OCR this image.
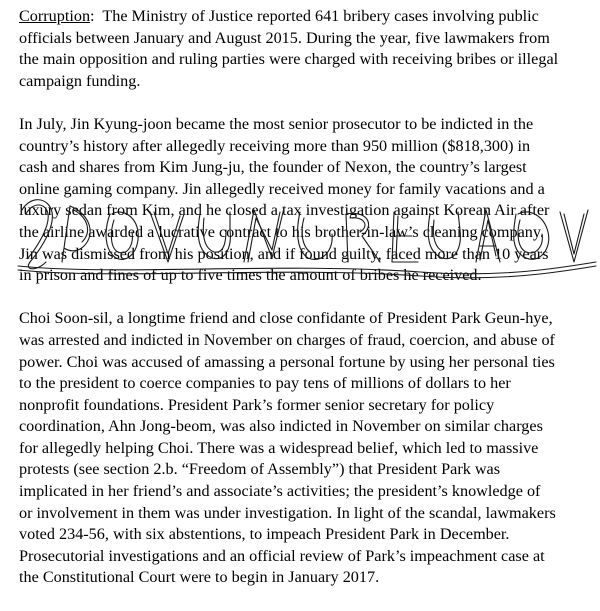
Corruption:  The Ministry of Justice reported 641 bribery cases involving public
officials between January and August 2015. During the year, five lawmakers from
the main opposition and ruling parties were charged with receiving bribes or illegal
campaign funding.

In July, Jin Kyung-joon became the most senior prosecutor to be indicted in the
country’s history after allegedly receiving more than 950 million ($818,300) in
cash and shares from Kim Jung-ju, the founder of Nexon, the country’s largest
online gaming company. Jin allegedly received money for family vacations and a
luxury sedan from Kim, and he closed a tax investigation against Korean Air after
the airline awarded a lucrative contract to his brother-in-law’s cleaning company.
Jin was dismissed from his position, and if found guilty, faced more than 10 years
in prison and fines of up to five times the amount of bribes he received.

Choi Soon-sil, a longtime friend and close confidante of President Park Geun-hye,
was arrested and indicted in November on charges of fraud, coercion, and abuse of
power. Choi was accused of amassing a personal fortune by using her personal ties
to the president to coerce companies to pay tens of millions of dollars to her
nonprofit foundations. President Park’s former senior secretary for policy
coordination, Ahn Jong-beom, was also indicted in November on similar charges
for allegedly helping Choi. There was a widespread belief, which led to massive
protests (see section 2.b. “Freedom of Assembly”) that President Park was
implicated in her friend’s and associate’s activities; the president’s knowledge of
or involvement in them was under investigation. In light of the scandal, lawmakers
voted 234-56, with six abstentions, to impeach President Park in December.
Prosecutorial investigations and an official review of Park’s impeachment case at
the Constitutional Court were to begin in January 2017.
